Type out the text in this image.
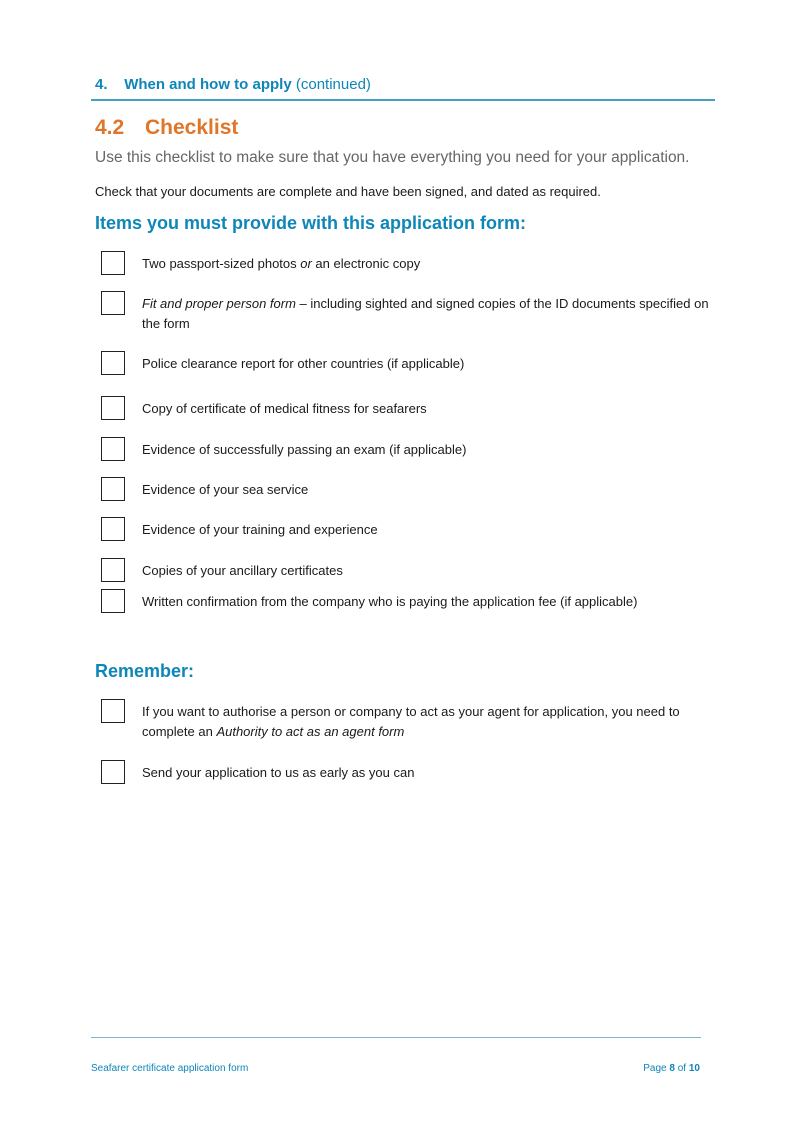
4. When and how to apply (continued)
4.2 Checklist
Use this checklist to make sure that you have everything you need for your application.
Check that your documents are complete and have been signed, and dated as required.
Items you must provide with this application form:
Remember:
Seafarer certificate application form	Page 8 of 10
Two passport-sized photos or an electronic copy
Fit and proper person form – including sighted and signed copies of the ID documents specified on the form
Police clearance report for other countries (if applicable)
Copy of certificate of medical fitness for seafarers
Evidence of successfully passing an exam (if applicable)
Evidence of your sea service
Evidence of your training and experience
Copies of your ancillary certificates
Written confirmation from the company who is paying the application fee (if applicable)
If you want to authorise a person or company to act as your agent for application, you need to complete an Authority to act as an agent form
Send your application to us as early as you can
